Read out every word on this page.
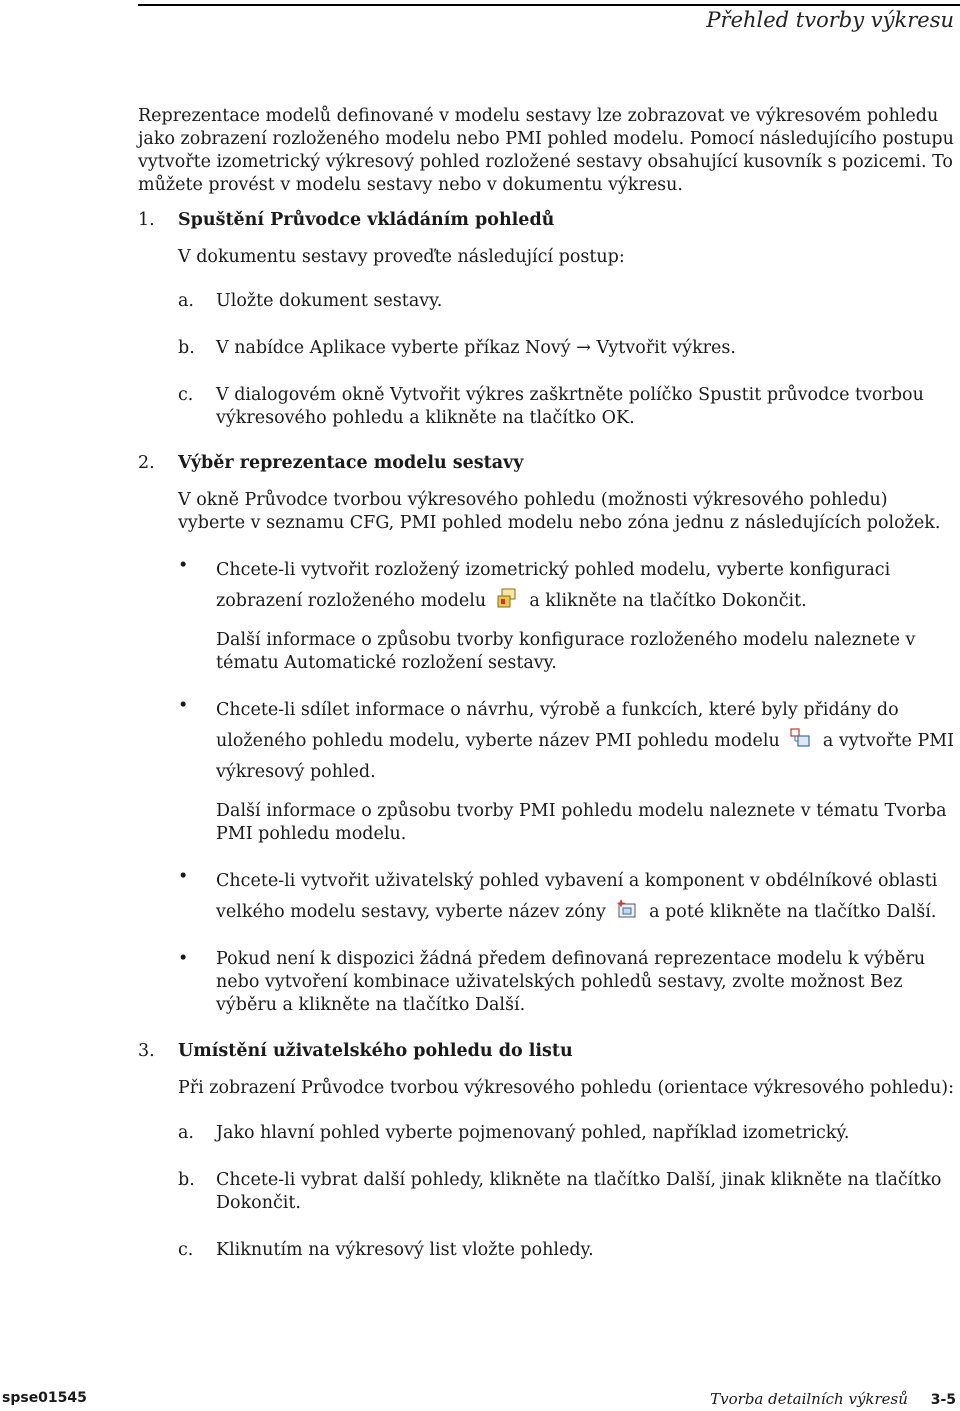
Přehled tvorby výkresu

Reprezentace modelů definované v modelu sestavy lze zobrazovat ve výkresovém pohledu jako zobrazení rozloženého modelu nebo PMI pohled modelu. Pomocí následujícího postupu vytvořte izometrický výkresový pohled rozložené sestavy obsahující kusovník s pozicemi. To můžete provést v modelu sestavy nebo v dokumentu výkresu.

1.	Spuštění Průvodce vkládáním pohledů

V dokumentu sestavy proveďte následující postup:

a.	Uložte dokument sestavy.
b.	V nabídce Aplikace vyberte příkaz Nový → Vytvořit výkres.
c.	V dialogovém okně Vytvořit výkres zaškrtněte políčko Spustit průvodce tvorbou výkresového pohledu a klikněte na tlačítko OK.
2.	Výběr reprezentace modelu sestavy

V okně Průvodce tvorbou výkresového pohledu (možnosti výkresového pohledu) vyberte v seznamu CFG, PMI pohled modelu nebo zóna jednu z následujících položek.

•	Chcete-li vytvořit rozložený izometrický pohled modelu, vyberte konfiguraci zobrazení rozloženého modelu a klikněte na tlačítko Dokončit.

Další informace o způsobu tvorby konfigurace rozloženého modelu naleznete v tématu Automatické rozložení sestavy.

•	Chcete-li sdílet informace o návrhu, výrobě a funkcích, které byly přidány do uloženého pohledu modelu, vyberte název PMI pohledu modelu a vytvořte PMI výkresový pohled.

Další informace o způsobu tvorby PMI pohledu modelu naleznete v tématu Tvorba PMI pohledu modelu.

•	Chcete-li vytvořit uživatelský pohled vybavení a komponent v obdélníkové oblasti velkého modelu sestavy, vyberte název zóny a poté klikněte na tlačítko Další.
•	Pokud není k dispozici žádná předem definovaná reprezentace modelu k výběru nebo vytvoření kombinace uživatelských pohledů sestavy, zvolte možnost Bez výběru a klikněte na tlačítko Další.

3.	Umístění uživatelského pohledu do listu

Při zobrazení Průvodce tvorbou výkresového pohledu (orientace výkresového pohledu):

a.	Jako hlavní pohled vyberte pojmenovaný pohled, například izometrický.
b.	Chcete-li vybrat další pohledy, klikněte na tlačítko Další, jinak klikněte na tlačítko Dokončit.
c.	Kliknutím na výkresový list vložte pohledy.
spse01545	Tvorba detailních výkresů 3-5
